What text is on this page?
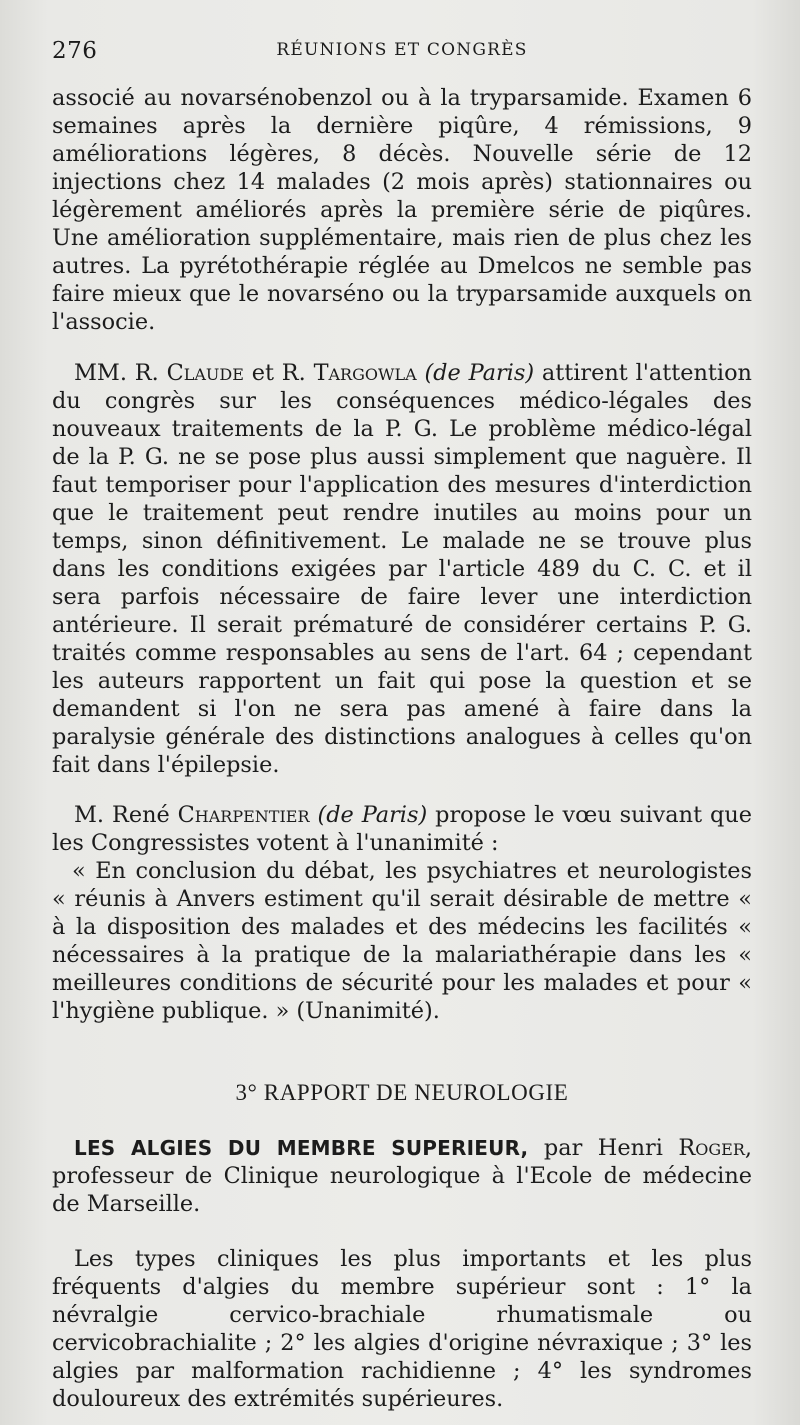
276	RÉUNIONS ET CONGRÈS

associé au novarsénobenzol ou à la tryparsamide. Examen 6 semaines après la dernière piqûre, 4 rémissions, 9 améliorations légères, 8 décès. Nouvelle série de 12 injections chez 14 malades (2 mois après) stationnaires ou légèrement améliorés après la première série de piqûres. Une amélioration supplémentaire, mais rien de plus chez les autres. La pyrétothérapie réglée au Dmelcos ne semble pas faire mieux que le novarséno ou la tryparsamide auxquels on l'associe.

MM. R. Claude et R. Targowla (de Paris) attirent l'attention du congrès sur les conséquences médico-légales des nouveaux traitements de la P. G. Le problème médico-légal de la P. G. ne se pose plus aussi simplement que naguère. Il faut temporiser pour l'application des mesures d'interdiction que le traitement peut rendre inutiles au moins pour un temps, sinon définitivement. Le malade ne se trouve plus dans les conditions exigées par l'article 489 du C. C. et il sera parfois nécessaire de faire lever une interdiction antérieure. Il serait prématuré de considérer certains P. G. traités comme responsables au sens de l'art. 64 ; cependant les auteurs rapportent un fait qui pose la question et se demandent si l'on ne sera pas amené à faire dans la paralysie générale des distinctions analogues à celles qu'on fait dans l'épilepsie.

M. René Charpentier (de Paris) propose le vœu suivant que les Congressistes votent à l'unanimité :

« En conclusion du débat, les psychiatres et neurologistes « réunis à Anvers estiment qu'il serait désirable de mettre « à la disposition des malades et des médecins les facilités « nécessaires à la pratique de la malariathérapie dans les « meilleures conditions de sécurité pour les malades et pour « l'hygiène publique. » (Unanimité).

3° RAPPORT DE NEUROLOGIE

LES ALGIES DU MEMBRE SUPERIEUR, par Henri Roger, professeur de Clinique neurologique à l'Ecole de médecine de Marseille.

Les types cliniques les plus importants et les plus fréquents d'algies du membre supérieur sont : 1° la névralgie cervico-brachiale rhumatismale ou cervicobrachialite ; 2° les algies d'origine névraxique ; 3° les algies par malformation rachidienne ; 4° les syndromes douloureux des extrémités supérieures.
